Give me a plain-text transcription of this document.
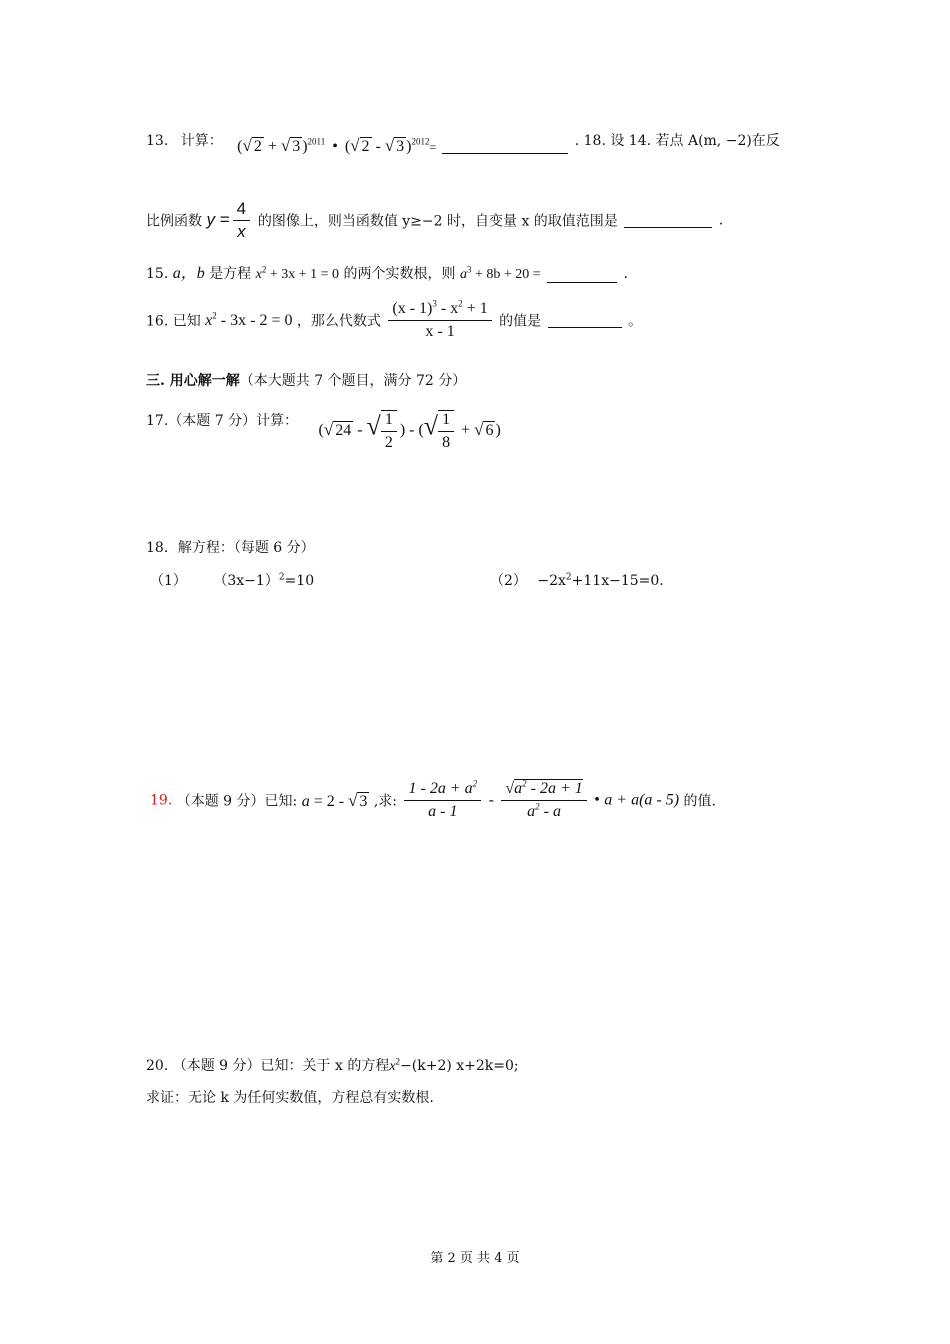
13. 计算： (√ 2 + √ 3 )$^{2011}$ • (√ 2 - √ 3 )$^{2012}$=	. 18. 设 14. 若点 A(m, −2)在反
比例函数 $y = \frac{4}{x}$ 的图像上，则当函数值 y≥−2 时，自变量 x 的取值范围是	.
15. a，b 是方程 $x^2 + 3x + 1 = 0$ 的两个实数根，则 $a^3 + 8b + 20$ =	.
16. 已知 $x^2 - 3x - 2 = 0$ ，那么代数式 $\frac{(x - 1)^3 - x^2 + 1}{x - 1}$ 的值是	。
三. 用心解一解（本大题共 7 个题目，满分 72 分）
17.（本题 7 分）计算： (√ 24 - √ $\frac{1}{2}$ ) - (√ $\frac{1}{8}$ + √ 6 )
18．解方程：（每题 6 分）
（1） $(3x-1)^2=10$	$(2) -2x^2+11x-15=0$.
19. （本题 9 分）已知: a = 2 - √ 3 ,求: $\frac{1 - 2a + a^2}{a - 1} - \frac{√a^2 - 2a + 1}{a^2 - a}$ • a + a(a - 5) 的值.
20. （本题 9 分）已知：关于 x 的方程$x^2-(k+2)$ x+2k=0;
求证：无论 k 为任何实数值，方程总有实数根.
第 2 页 共 4 页
